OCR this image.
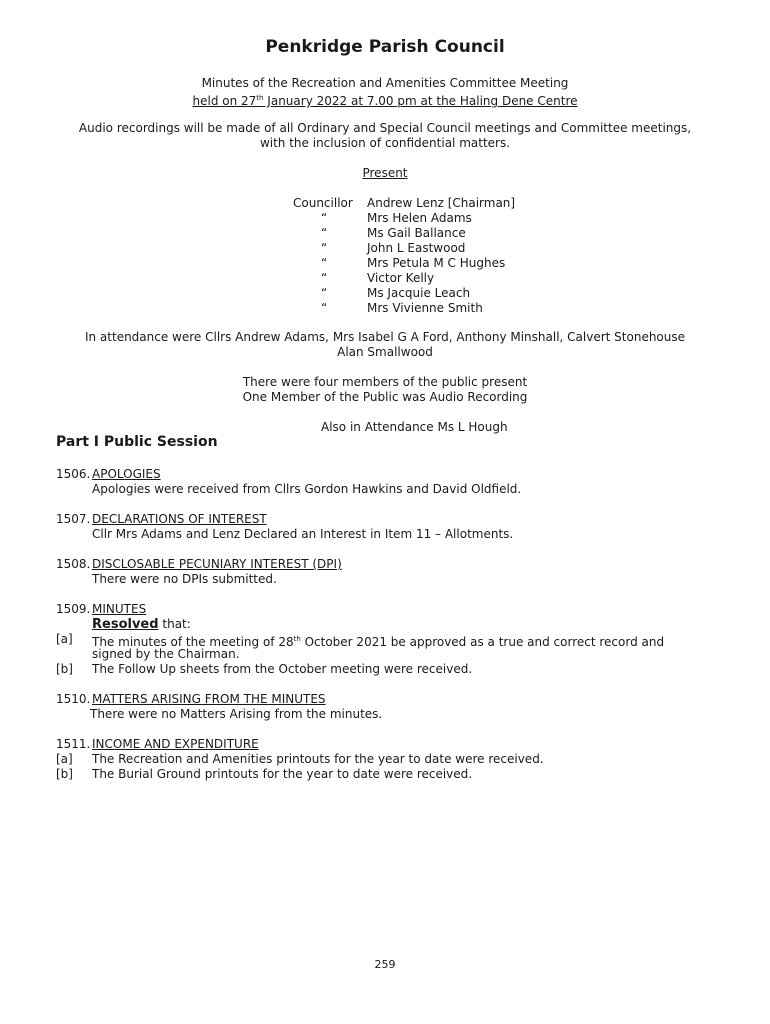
Penkridge Parish Council
Minutes of the Recreation and Amenities Committee Meeting
held on 27th January 2022 at 7.00 pm at the Haling Dene Centre
Audio recordings will be made of all Ordinary and Special Council meetings and Committee meetings,
with the inclusion of confidential matters.
Present
Councillor Andrew Lenz [Chairman]
“	Mrs Helen Adams
“	Ms Gail Ballance
“	John L Eastwood
“	Mrs Petula M C Hughes
“	Victor Kelly
“	Ms Jacquie Leach
“	Mrs Vivienne Smith
In attendance were Cllrs Andrew Adams, Mrs Isabel G A Ford, Anthony Minshall, Calvert Stonehouse
Alan Smallwood
There were four members of the public present
One Member of the Public was Audio Recording
Also in Attendance Ms L Hough
Part I Public Session
1506. APOLOGIES
Apologies were received from Cllrs Gordon Hawkins and David Oldfield.
1507. DECLARATIONS OF INTEREST
Cllr Mrs Adams and Lenz Declared an Interest in Item 11 – Allotments.
1508. DISCLOSABLE PECUNIARY INTEREST (DPI)
There were no DPIs submitted.
1509. MINUTES
Resolved that:
[a] The minutes of the meeting of 28th October 2021 be approved as a true and correct record and
signed by the Chairman.
[b] The Follow Up sheets from the October meeting were received.
1510. MATTERS ARISING FROM THE MINUTES
There were no Matters Arising from the minutes.
1511. INCOME AND EXPENDITURE
[a] The Recreation and Amenities printouts for the year to date were received.
[b] The Burial Ground printouts for the year to date were received.
259
